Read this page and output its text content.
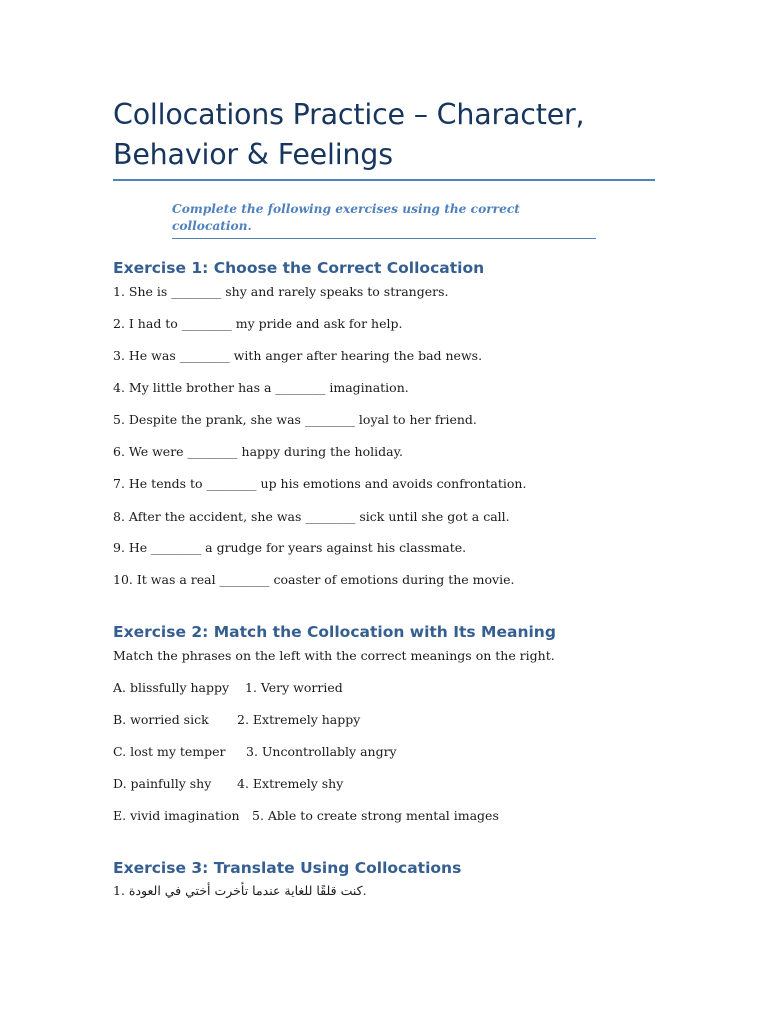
Collocations Practice – Character,
Behavior & Feelings
Complete the following exercises using the correct collocation.
Exercise 1: Choose the Correct Collocation
1. She is ________ shy and rarely speaks to strangers.
2. I had to ________ my pride and ask for help.
3. He was ________ with anger after hearing the bad news.
4. My little brother has a ________ imagination.
5. Despite the prank, she was ________ loyal to her friend.
6. We were ________ happy during the holiday.
7. He tends to ________ up his emotions and avoids confrontation.
8. After the accident, she was ________ sick until she got a call.
9. He ________ a grudge for years against his classmate.
10. It was a real ________ coaster of emotions during the movie.
Exercise 2: Match the Collocation with Its Meaning
Match the phrases on the left with the correct meanings on the right.
A. blissfully happy 1. Very worried
B. worried sick 2. Extremely happy
C. lost my temper 3. Uncontrollably angry
D. painfully shy 4. Extremely shy
E. vivid imagination 5. Able to create strong mental images
Exercise 3: Translate Using Collocations
1. كنت قلقًا للغاية عندما تأخرت أختي في العودة.
